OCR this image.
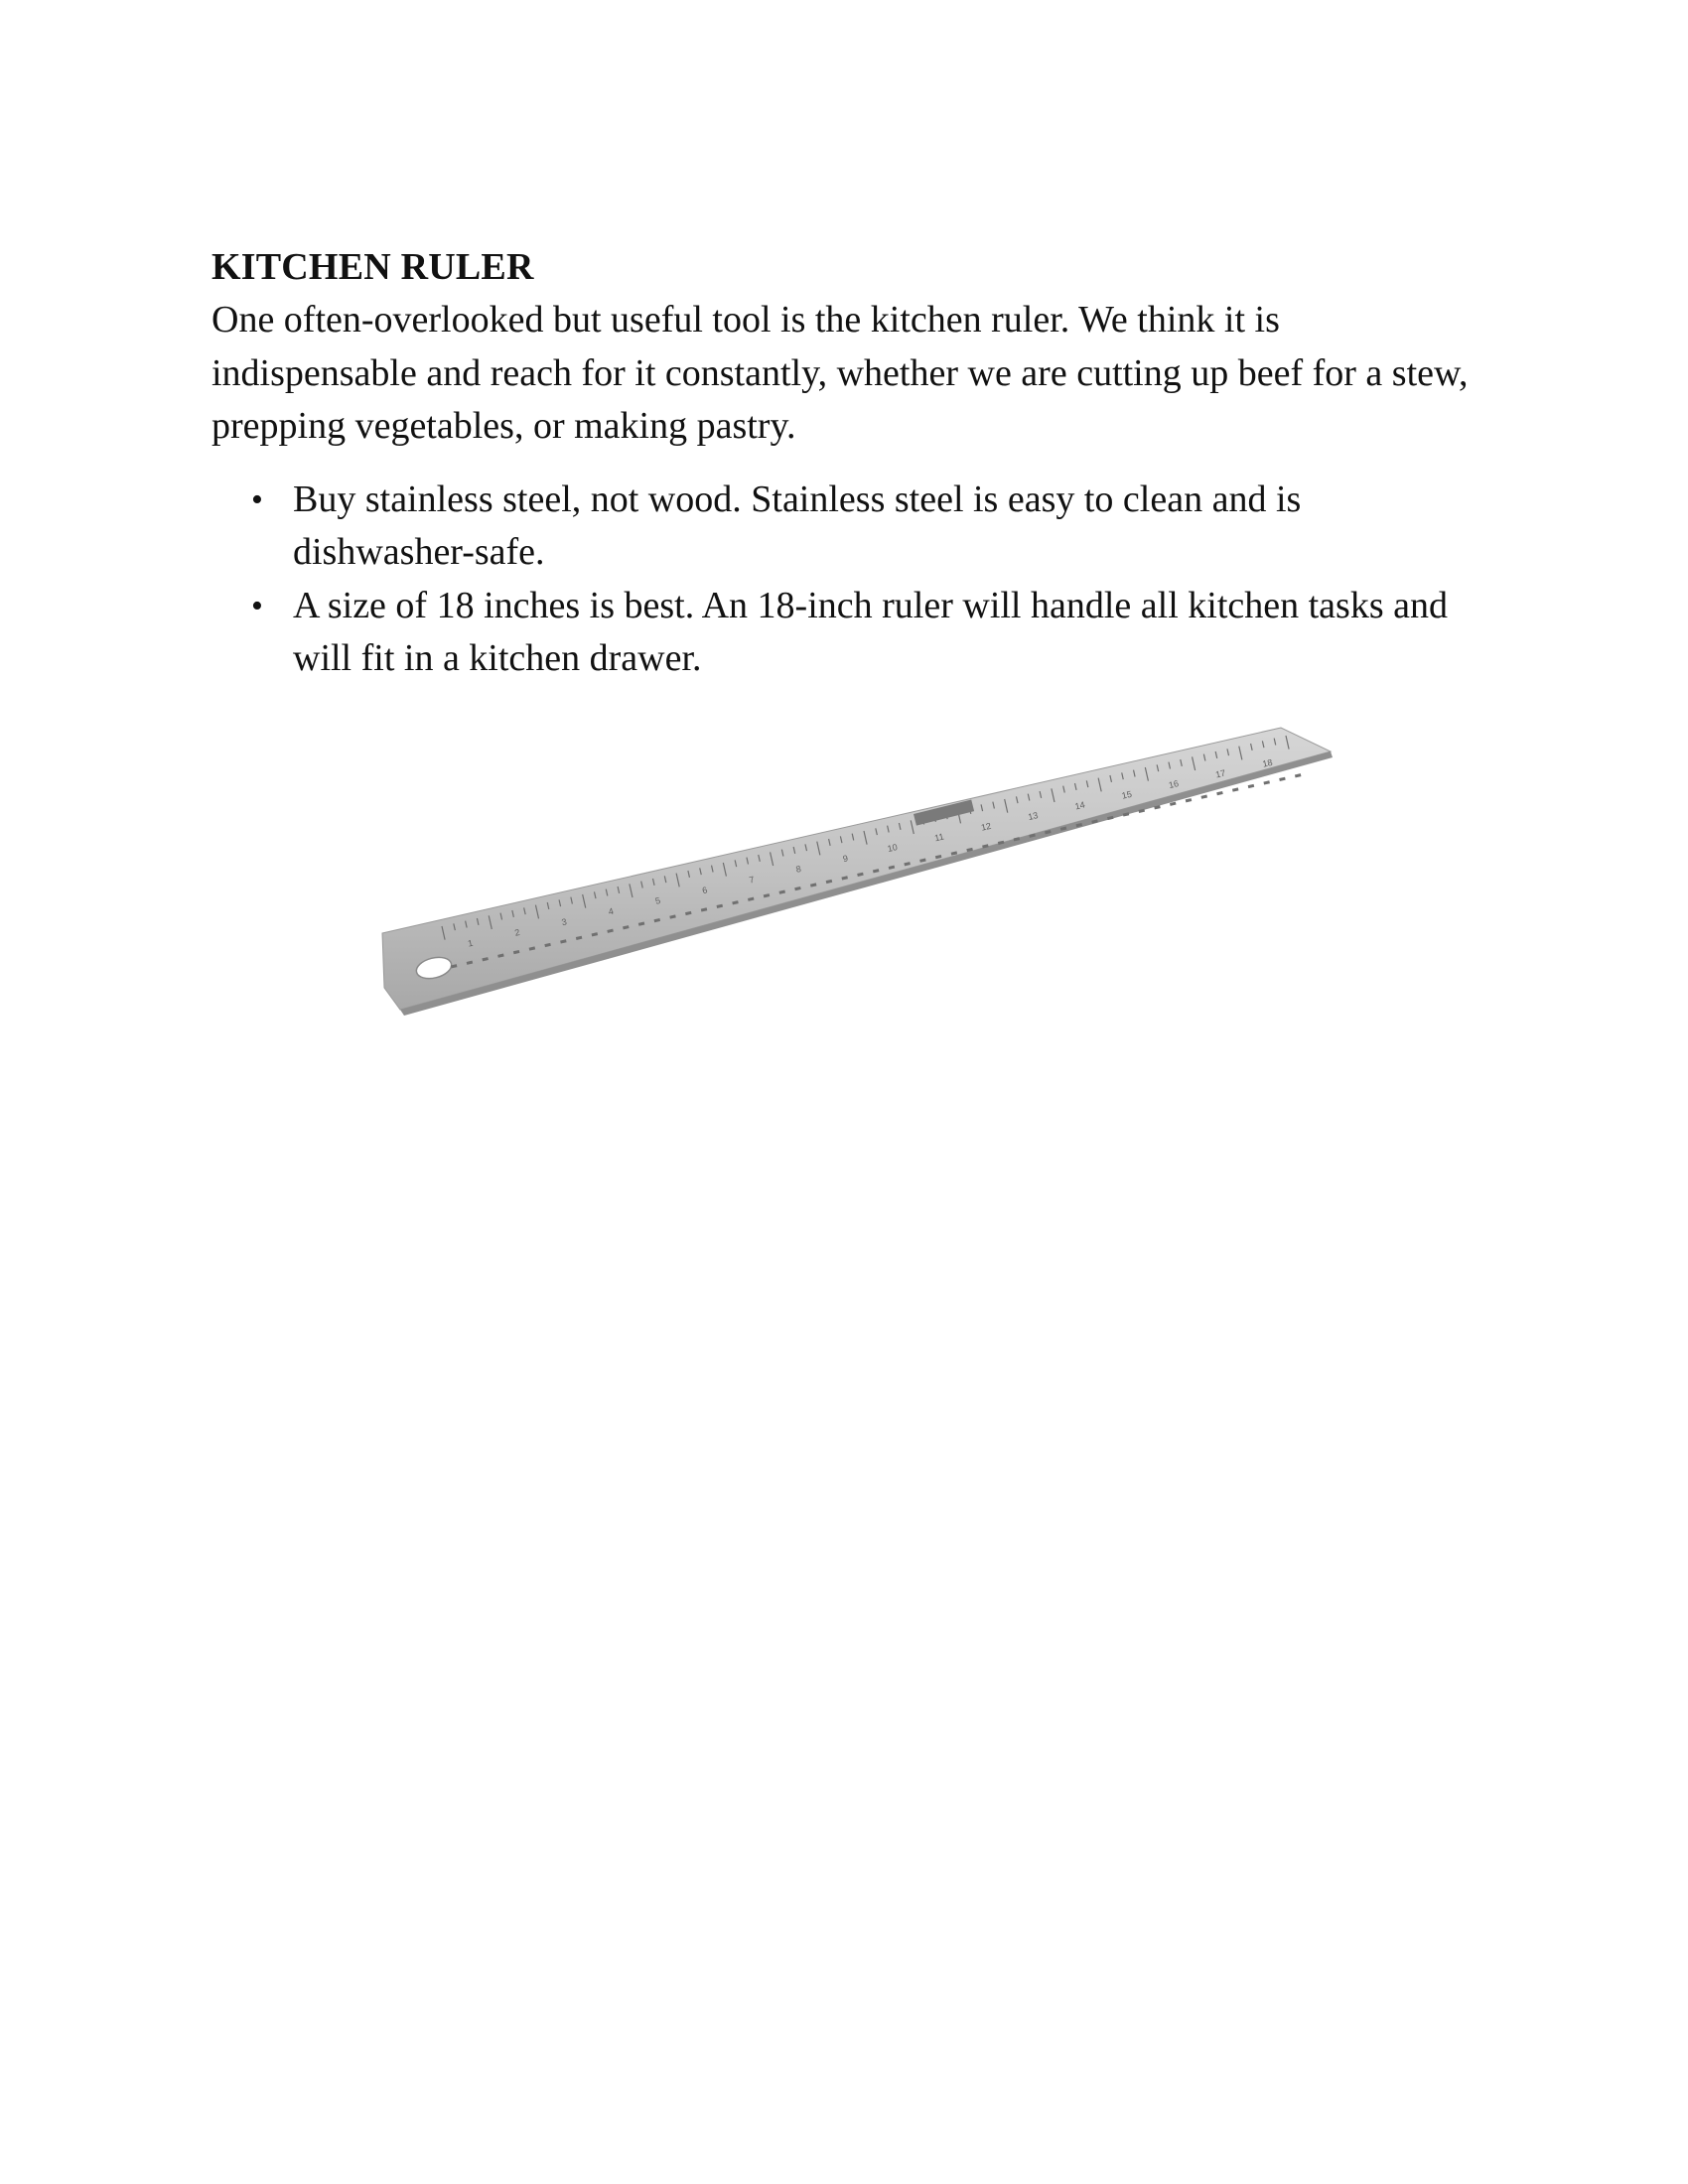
KITCHEN RULER

One often-overlooked but useful tool is the kitchen ruler. We think it is indispensable and reach for it constantly, whether we are cutting up beef for a stew, prepping vegetables, or making pastry.

• Buy stainless steel, not wood. Stainless steel is easy to clean and is dishwasher-safe.
• A size of 18 inches is best. An 18-inch ruler will handle all kitchen tasks and will fit in a kitchen drawer.
1
2
3
4
5
6
7
8
9
10
11
12
13
14
15
16
17
18
